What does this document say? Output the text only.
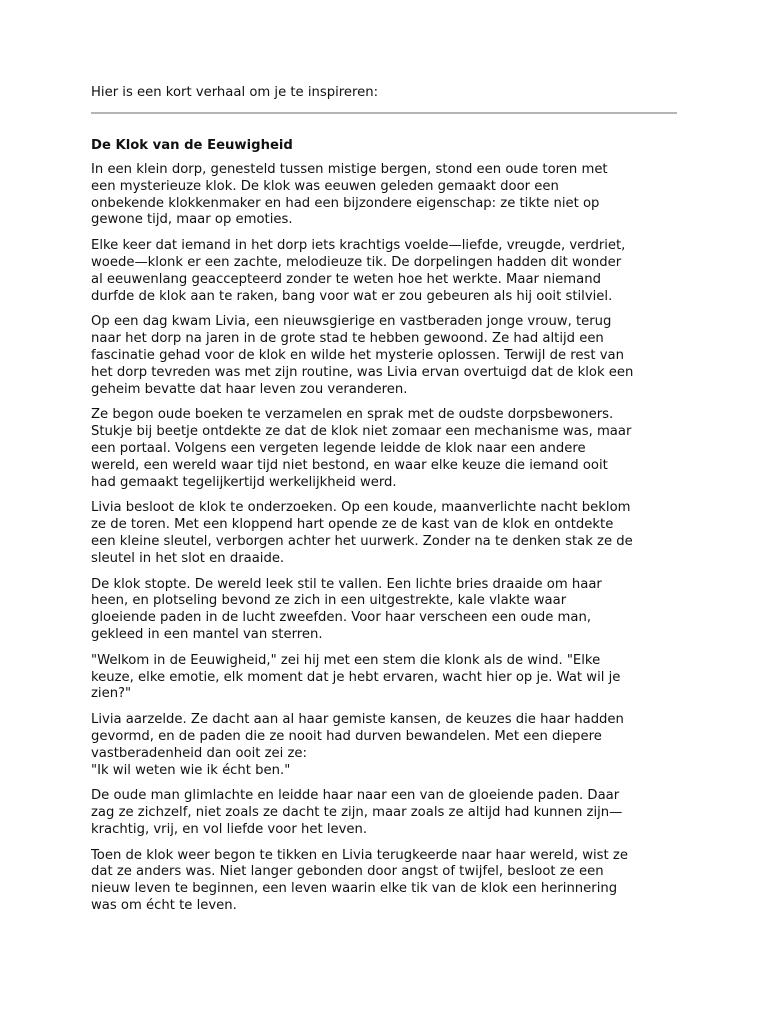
Hier is een kort verhaal om je te inspireren:

De Klok van de Eeuwigheid

In een klein dorp, genesteld tussen mistige bergen, stond een oude toren met
een mysterieuze klok. De klok was eeuwen geleden gemaakt door een
onbekende klokkenmaker en had een bijzondere eigenschap: ze tikte niet op
gewone tijd, maar op emoties.

Elke keer dat iemand in het dorp iets krachtigs voelde—liefde, vreugde, verdriet,
woede—klonk er een zachte, melodieuze tik. De dorpelingen hadden dit wonder
al eeuwenlang geaccepteerd zonder te weten hoe het werkte. Maar niemand
durfde de klok aan te raken, bang voor wat er zou gebeuren als hij ooit stilviel.

Op een dag kwam Livia, een nieuwsgierige en vastberaden jonge vrouw, terug
naar het dorp na jaren in de grote stad te hebben gewoond. Ze had altijd een
fascinatie gehad voor de klok en wilde het mysterie oplossen. Terwijl de rest van
het dorp tevreden was met zijn routine, was Livia ervan overtuigd dat de klok een
geheim bevatte dat haar leven zou veranderen.

Ze begon oude boeken te verzamelen en sprak met de oudste dorpsbewoners.
Stukje bij beetje ontdekte ze dat de klok niet zomaar een mechanisme was, maar
een portaal. Volgens een vergeten legende leidde de klok naar een andere
wereld, een wereld waar tijd niet bestond, en waar elke keuze die iemand ooit
had gemaakt tegelijkertijd werkelijkheid werd.

Livia besloot de klok te onderzoeken. Op een koude, maanverlichte nacht beklom
ze de toren. Met een kloppend hart opende ze de kast van de klok en ontdekte
een kleine sleutel, verborgen achter het uurwerk. Zonder na te denken stak ze de
sleutel in het slot en draaide.

De klok stopte. De wereld leek stil te vallen. Een lichte bries draaide om haar
heen, en plotseling bevond ze zich in een uitgestrekte, kale vlakte waar
gloeiende paden in de lucht zweefden. Voor haar verscheen een oude man,
gekleed in een mantel van sterren.

"Welkom in de Eeuwigheid," zei hij met een stem die klonk als de wind. "Elke
keuze, elke emotie, elk moment dat je hebt ervaren, wacht hier op je. Wat wil je
zien?"

Livia aarzelde. Ze dacht aan al haar gemiste kansen, de keuzes die haar hadden
gevormd, en de paden die ze nooit had durven bewandelen. Met een diepere
vastberadenheid dan ooit zei ze:
"Ik wil weten wie ik écht ben."

De oude man glimlachte en leidde haar naar een van de gloeiende paden. Daar
zag ze zichzelf, niet zoals ze dacht te zijn, maar zoals ze altijd had kunnen zijn—
krachtig, vrij, en vol liefde voor het leven.

Toen de klok weer begon te tikken en Livia terugkeerde naar haar wereld, wist ze
dat ze anders was. Niet langer gebonden door angst of twijfel, besloot ze een
nieuw leven te beginnen, een leven waarin elke tik van de klok een herinnering
was om écht te leven.
